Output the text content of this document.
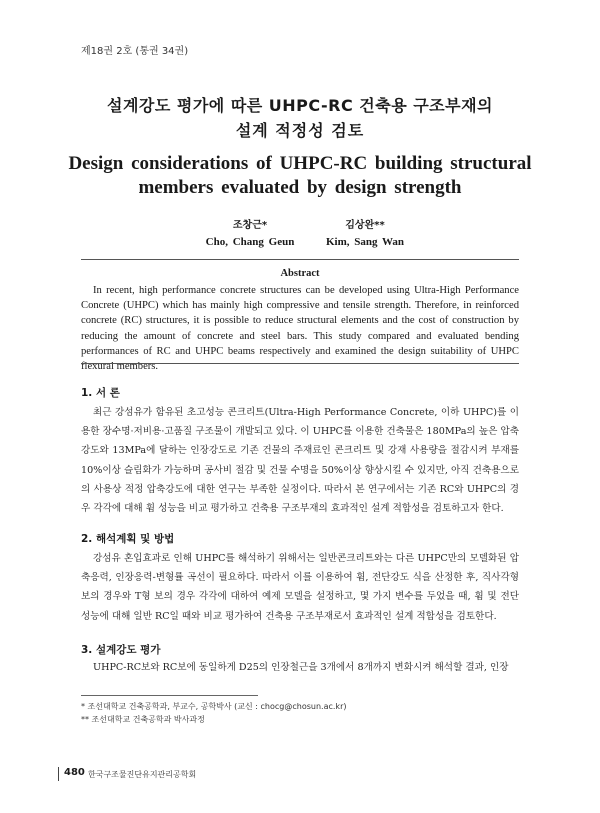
제18권 2호 (통권 34권)
설계강도 평가에 따른 UHPC-RC 건축용 구조부재의
설계 적정성 검토
Design considerations of UHPC-RC building structural
members evaluated by design strength
조창근*	김상완**
Cho, Chang Geun	Kim, Sang Wan
Abstract
In recent, high performance concrete structures can be developed using Ultra-High Performance Concrete (UHPC) which has mainly high compressive and tensile strength. Therefore, in reinforced concrete (RC) structures, it is possible to reduce structural elements and the cost of construction by reducing the amount of concrete and steel bars. This study compared and evaluated bending performances of RC and UHPC beams respectively and examined the design suitability of UHPC flexural members.
1. 서 론
최근 강섬유가 함유된 초고성능 콘크리트(Ultra-High Performance Concrete, 이하 UHPC)를 이용한 장수명·저비용·고품질 구조물이 개발되고 있다. 이 UHPC를 이용한 건축물은 180MPa의 높은 압축강도와 13MPa에 달하는 인장강도로 기존 건물의 주재료인 콘크리트 및 강재 사용량을 절감시켜 부재를 10%이상 슬림화가 가능하며 공사비 절감 및 건물 수명을 50%이상 향상시킬 수 있지만, 아직 건축용으로의 사용상 적정 압축강도에 대한 연구는 부족한 실정이다. 따라서 본 연구에서는 기존 RC와 UHPC의 경우 각각에 대해 휨 성능을 비교 평가하고 건축용 구조부재의 효과적인 설계 적합성을 검토하고자 한다.
2. 해석계획 및 방법
강섬유 혼입효과로 인해 UHPC를 해석하기 위해서는 일반콘크리트와는 다른 UHPC만의 모델화된 압축응력, 인장응력-변형률 곡선이 필요하다. 따라서 이를 이용하여 휨, 전단강도 식을 산정한 후, 직사각형 보의 경우와 T형 보의 경우 각각에 대하여 예제 모델을 설정하고, 몇 가지 변수를 두었을 때, 휨 및 전단 성능에 대해 일반 RC일 때와 비교 평가하여 건축용 구조부재로서 효과적인 설계 적합성을 검토한다.
3. 설계강도 평가
UHPC-RC보와 RC보에 동일하게 D25의 인장철근을 3개에서 8개까지 변화시켜 해석할 결과, 인장
* 조선대학교 건축공학과, 부교수, 공학박사 (교신 : chocg@chosun.ac.kr)
** 조선대학교 건축공학과 박사과정
480 한국구조물진단유지관리공학회
